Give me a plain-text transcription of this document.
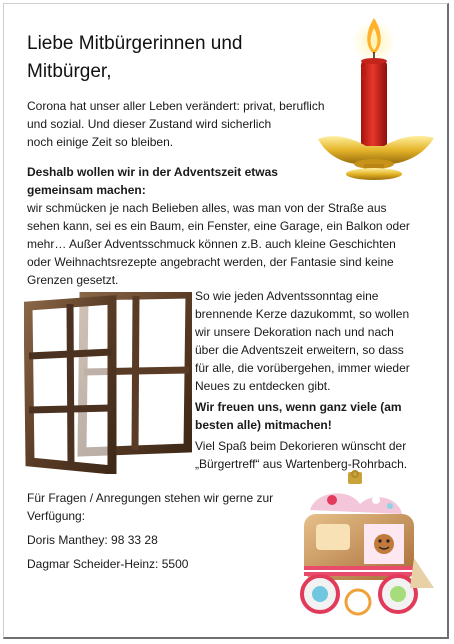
Liebe Mitbürgerinnen und
Mitbürger,
Corona hat unser aller Leben verändert: privat, beruflich
und sozial. Und dieser Zustand wird sicherlich
noch einige Zeit so bleiben.
Deshalb wollen wir in der Adventszeit etwas
gemeinsam machen:
wir schmücken je nach Belieben alles, was man von der Straße aus
sehen kann, sei es ein Baum, ein Fenster, eine Garage, ein Balkon oder
mehr… Außer Adventsschmuck können z.B. auch kleine Geschichten
oder Weihnachtsrezepte angebracht werden, der Fantasie sind keine
Grenzen gesetzt.
So wie jeden Adventssonntag eine
brennende Kerze dazukommt, so wollen
wir unsere Dekoration nach und nach
über die Adventszeit erweitern, so dass
für alle, die vorübergehen, immer wieder
Neues zu entdecken gibt.
Wir freuen uns, wenn ganz viele (am
besten alle) mitmachen!
Viel Spaß beim Dekorieren wünscht der
„Bürgertreff“ aus Wartenberg-Rohrbach.
Für Fragen / Anregungen stehen wir gerne zur
Verfügung:
Doris Manthey: 98 33 28
Dagmar Scheider-Heinz: 5500
